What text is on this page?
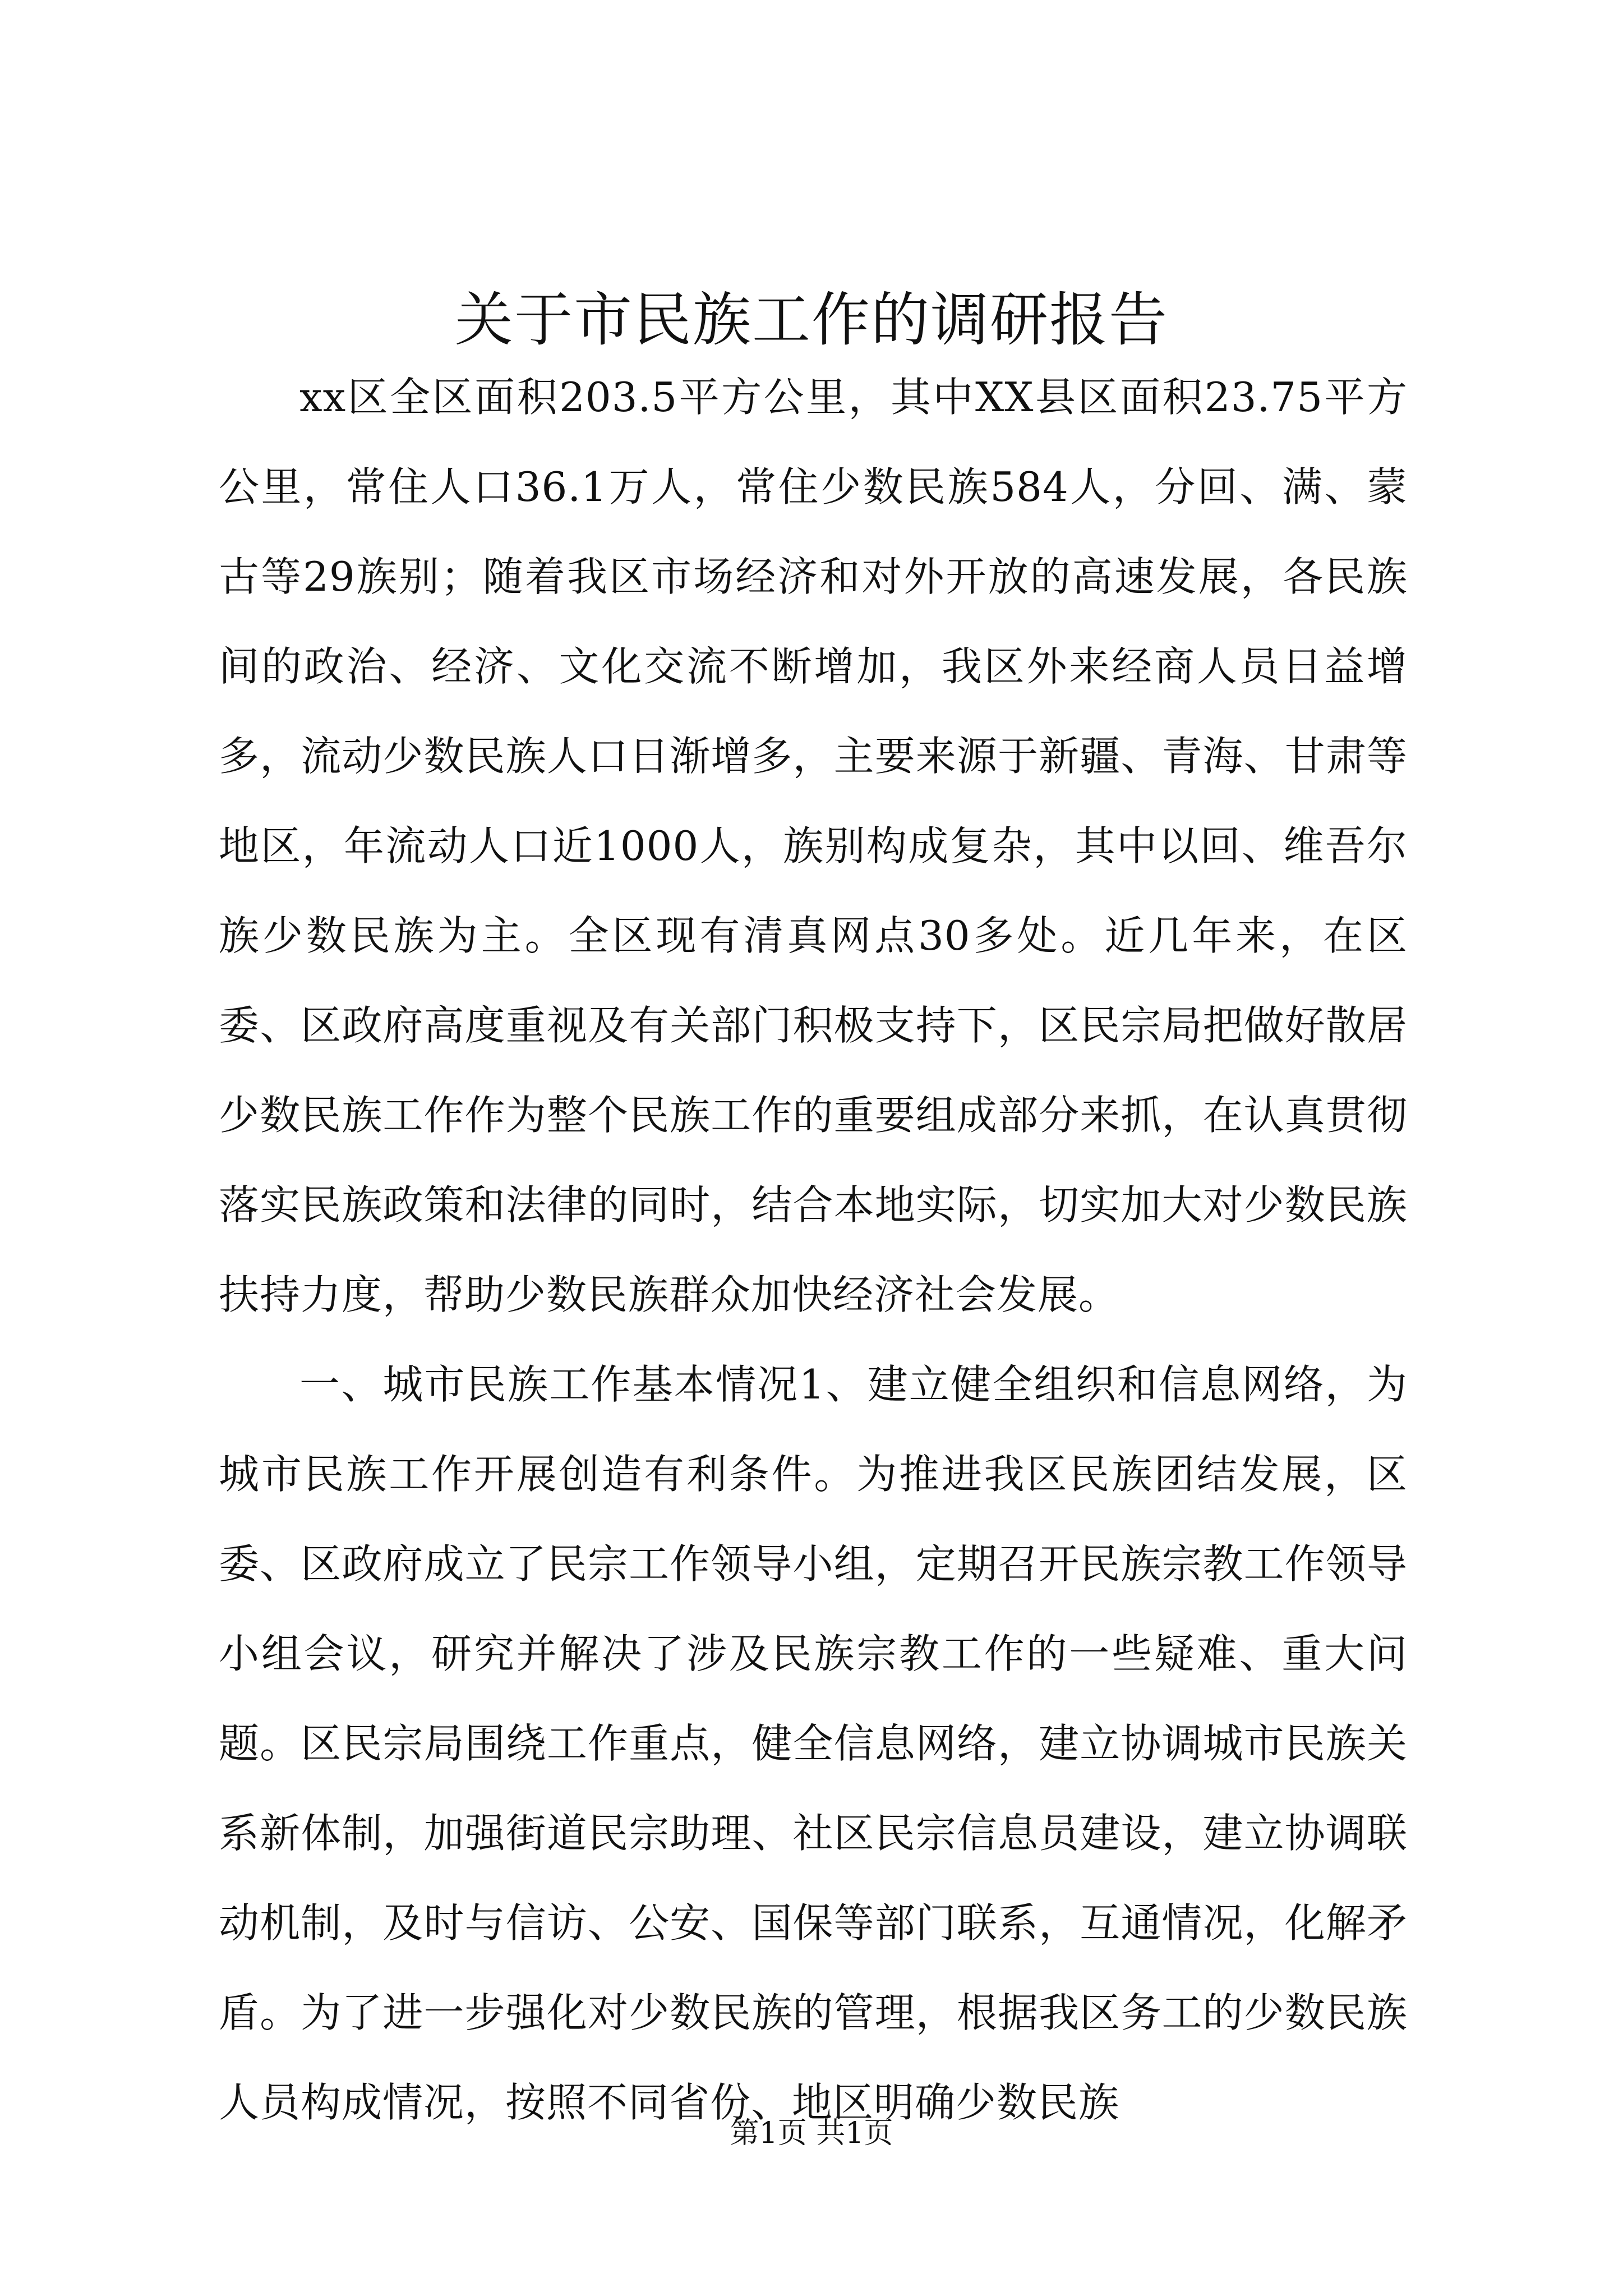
关于市民族工作的调研报告

xx区全区面积203.5平方公里，其中XX县区面积23.75平方公里，常住人口36.1万人，常住少数民族584人，分回、满、蒙古等29族别；随着我区市场经济和对外开放的高速发展，各民族间的政治、经济、文化交流不断增加，我区外来经商人员日益增多，流动少数民族人口日渐增多，主要来源于新疆、青海、甘肃等地区，年流动人口近1000人，族别构成复杂，其中以回、维吾尔族少数民族为主。全区现有清真网点30多处。近几年来，在区委、区政府高度重视及有关部门积极支持下，区民宗局把做好散居少数民族工作作为整个民族工作的重要组成部分来抓，在认真贯彻落实民族政策和法律的同时，结合本地实际，切实加大对少数民族扶持力度，帮助少数民族群众加快经济社会发展。

一、城市民族工作基本情况1、建立健全组织和信息网络，为城市民族工作开展创造有利条件。为推进我区民族团结发展，区委、区政府成立了民宗工作领导小组，定期召开民族宗教工作领导小组会议，研究并解决了涉及民族宗教工作的一些疑难、重大问题。区民宗局围绕工作重点，健全信息网络，建立协调城市民族关系新体制，加强街道民宗助理、社区民宗信息员建设，建立协调联动机制，及时与信访、公安、国保等部门联系，互通情况，化解矛盾。为了进一步强化对少数民族的管理，根据我区务工的少数民族人员构成情况，按照不同省份、地区明确少数民族

第1页 共1页
